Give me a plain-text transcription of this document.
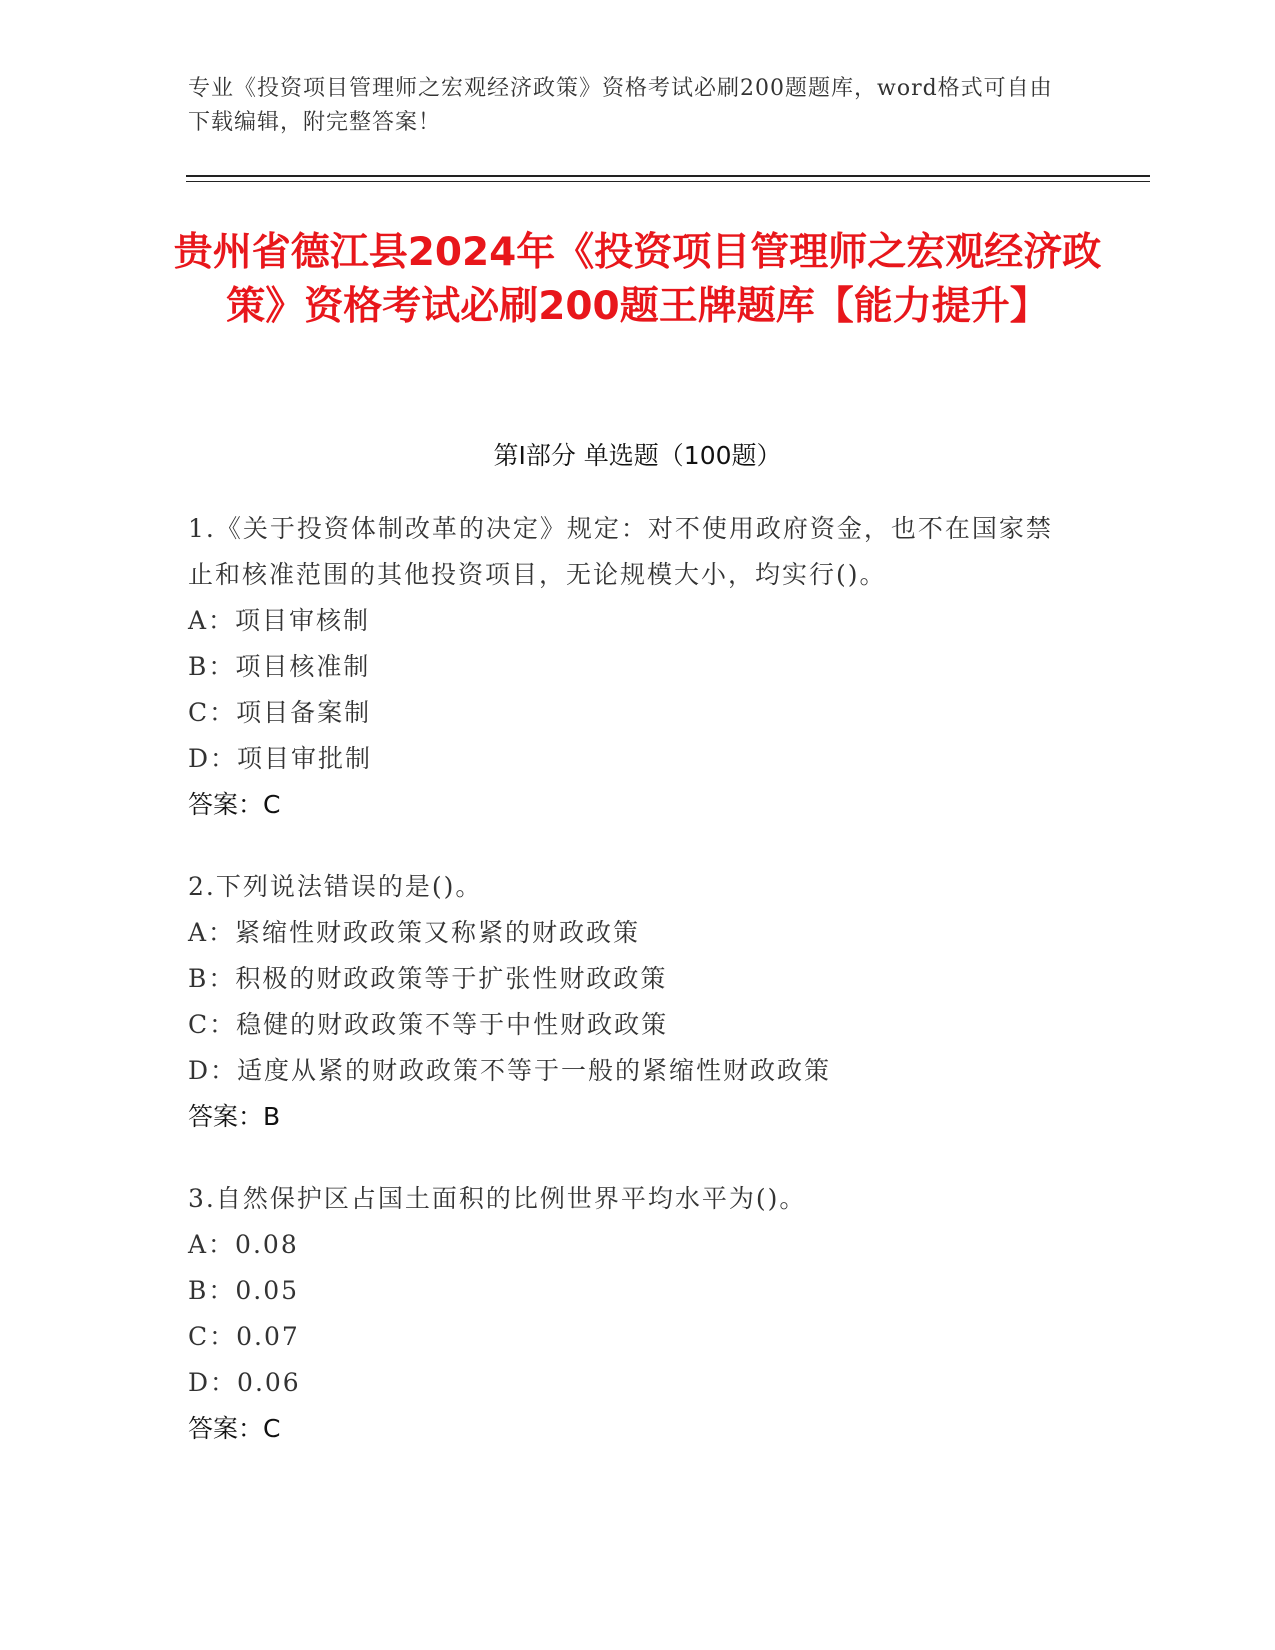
专业《投资项目管理师之宏观经济政策》资格考试必刷200题题库，word格式可自由下载编辑，附完整答案！
贵州省德江县2024年《投资项目管理师之宏观经济政策》资格考试必刷200题王牌题库【能力提升】
第Ⅰ部分 单选题（100题）

1.《关于投资体制改革的决定》规定：对不使用政府资金，也不在国家禁止和核准范围的其他投资项目，无论规模大小，均实行()。

A：项目审核制

B：项目核准制

C：项目备案制

D：项目审批制

答案：C

2.下列说法错误的是()。

A：紧缩性财政政策又称紧的财政政策

B：积极的财政政策等于扩张性财政政策

C：稳健的财政政策不等于中性财政政策

D：适度从紧的财政政策不等于一般的紧缩性财政政策

答案：B

3.自然保护区占国土面积的比例世界平均水平为()。

A：0.08

B：0.05

C：0.07

D：0.06

答案：C
